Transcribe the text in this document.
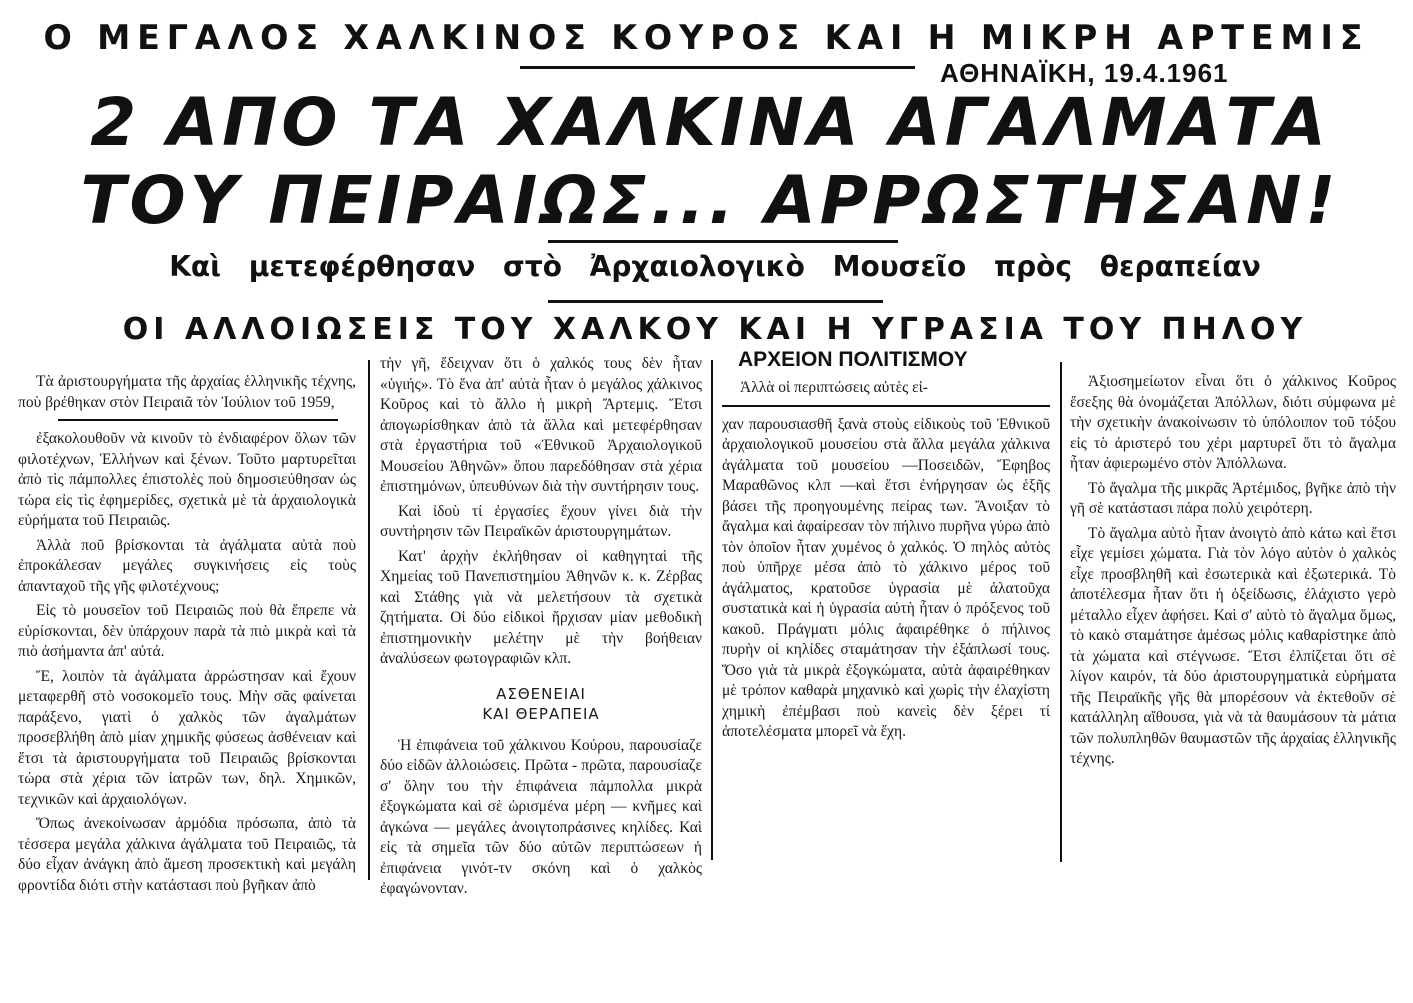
Ο ΜΕΓΑΛΟΣ ΧΑΛΚΙΝΟΣ ΚΟΥΡΟΣ ΚΑΙ Η ΜΙΚΡΗ ΑΡΤΕΜΙΣ
ΑΘΗΝΑΪΚΗ, 19.4.1961
2 ΑΠΟ ΤΑ ΧΑΛΚΙΝΑ ΑΓΑΛΜΑΤΑ
ΤΟΥ ΠΕΙΡΑΙΩΣ... ΑΡΡΩΣΤΗΣΑΝ!
Καὶ μετεφέρθησαν στὸ Ἀρχαιολογικὸ Μουσεῖο πρὸς θεραπείαν
ΟΙ ΑΛΛΟΙΩΣΕΙΣ ΤΟΥ ΧΑΛΚΟΥ ΚΑΙ Η ΥΓΡΑΣΙΑ ΤΟΥ ΠΗΛΟΥ
ΑΡΧΕΙΟΝ ΠΟΛΙΤΙΣΜΟΥ

Τὰ ἀριστουργήματα τῆς ἀρχαίας ἑλληνικῆς τέχνης, ποὺ βρέθηκαν στὸν Πειραιᾶ τὸν Ἰούλιον τοῦ 1959,

ἐξακολουθοῦν νὰ κινοῦν τὸ ἐνδιαφέρον ὅλων τῶν φιλοτέχνων, Ἑλλήνων καὶ ξένων. Τοῦτο μαρτυρεῖται ἀπὸ τὶς πάμπολλες ἐπιστολὲς ποὺ δημοσιεύθησαν ὡς τώρα εἰς τὶς ἐφημερίδες, σχετικὰ μὲ τὰ ἀρχαιολογικὰ εὑρήματα τοῦ Πειραιῶς.

Ἀλλὰ ποῦ βρίσκονται τὰ ἀγάλματα αὐτὰ ποὺ ἐπροκάλεσαν μεγάλες συγκινήσεις εἰς τοὺς ἀπανταχοῦ τῆς γῆς φιλοτέχνους;

Εἰς τὸ μουσεῖον τοῦ Πειραιῶς ποὺ θὰ ἔπρεπε νὰ εὑρίσκονται, δὲν ὑπάρχουν παρὰ τὰ πιὸ μικρὰ καὶ τὰ πιὸ ἀσήμαντα ἀπ' αὐτά.

Ἔ, λοιπὸν τὰ ἀγάλματα ἀρρώστησαν καὶ ἔχουν μεταφερθῆ στὸ νοσοκομεῖο τους. Μὴν σᾶς φαίνεται παράξενο, γιατὶ ὁ χαλκὸς τῶν ἀγαλμάτων προσεβλήθη ἀπὸ μίαν χημικῆς φύσεως ἀσθένειαν καὶ ἔτσι τὰ ἀριστουργήματα τοῦ Πειραιῶς βρίσκονται τώρα στὰ χέρια τῶν ἰατρῶν των, δηλ. Χημικῶν, τεχνικῶν καὶ ἀρχαιολόγων.

Ὅπως ἀνεκοίνωσαν ἁρμόδια πρόσωπα, ἀπὸ τὰ τέσσερα μεγάλα χάλκινα ἀγάλματα τοῦ Πειραιῶς, τὰ δύο εἶχαν ἀνάγκη ἀπὸ ἄμεση προσεκτικὴ καὶ μεγάλη φροντίδα διότι στὴν κατάστασι ποὺ βγῆκαν ἀπὸ

τὴν γῆ, ἔδειχναν ὅτι ὁ χαλκός τους δὲν ἦταν «ὑγιής». Τὸ ἕνα ἀπ' αὐτὰ ἦταν ὁ μεγάλος χάλκινος Κοῦρος καὶ τὸ ἄλλο ἡ μικρὴ Ἄρτεμις. Ἔτσι ἀπογωρίσθηκαν ἀπὸ τὰ ἄλλα καὶ μετεφέρθησαν στὰ ἐργαστήρια τοῦ «Ἐθνικοῦ Ἀρχαιολογικοῦ Μουσείου Ἀθηνῶν» ὅπου παρεδόθησαν στὰ χέρια ἐπιστημόνων, ὑπευθύνων διὰ τὴν συντήρησιν τους.

Καὶ ἰδοὺ τί ἐργασίες ἔχουν γίνει διὰ τὴν συντήρησιν τῶν Πειραϊκῶν ἀριστουργημάτων.

Κατ' ἀρχὴν ἐκλήθησαν οἱ καθηγηταὶ τῆς Χημείας τοῦ Πανεπιστημίου Ἀθηνῶν κ. κ. Ζέρβας καὶ Στάθης γιὰ νὰ μελετήσουν τὰ σχετικὰ ζητήματα. Οἱ δύο εἰδικοὶ ἤρχισαν μίαν μεθοδικὴ ἐπιστημονικὴν μελέτην μὲ τὴν βοήθειαν ἀναλύσεων φωτογραφιῶν κλπ.

ΑΣΘΕΝΕΙΑΙ
ΚΑΙ ΘΕΡΑΠΕΙΑ

Ἡ ἐπιφάνεια τοῦ χάλκινου Κούρου, παρουσίαζε δύο εἰδῶν ἀλλοιώσεις. Πρῶτα - πρῶτα, παρουσίαζε σ' ὅλην του τὴν ἐπιφάνεια πάμπολλα μικρὰ ἐξογκώματα καὶ σὲ ὡρισμένα μέρη — κνῆμες καὶ ἀγκώνα — μεγάλες ἀνοιγτοπράσινες κηλίδες. Καὶ εἰς τὰ σημεῖα τῶν δύο αὐτῶν περιπτώσεων ἡ ἐπιφάνεια γινότ-τν σκόνη καὶ ὁ χαλκὸς ἐφαγώνονταν.

Ἀλλὰ οἱ περιπτώσεις αὐτὲς εἰ-

χαν παρουσιασθῆ ξανὰ στοὺς εἰδικοὺς τοῦ Ἐθνικοῦ ἀρχαιολογικοῦ μουσείου στὰ ἄλλα μεγάλα χάλκινα ἀγάλματα τοῦ μουσείου —Ποσειδῶν, Ἔφηβος Μαραθῶνος κλπ —καὶ ἔτσι ἐνήργησαν ὡς ἑξῆς βάσει τῆς προηγουμένης πείρας των. Ἄνοιξαν τὸ ἄγαλμα καὶ ἀφαίρεσαν τὸν πήλινο πυρῆνα γύρω ἀπὸ τὸν ὁποῖον ἦταν χυμένος ὁ χαλκός. Ὁ πηλὸς αὐτὸς ποὺ ὑπῆρχε μέσα ἀπὸ τὸ χάλκινο μέρος τοῦ ἀγάλματος, κρατοῦσε ὑγρασία μὲ ἁλατοῦχα συστατικὰ καὶ ἡ ὑγρασία αὐτὴ ἦταν ὁ πρόξενος τοῦ κακοῦ. Πράγματι μόλις ἀφαιρέθηκε ὁ πήλινος πυρὴν οἱ κηλίδες σταμάτησαν τὴν ἐξάπλωσί τους. Ὅσο γιὰ τὰ μικρὰ ἐξογκώματα, αὐτὰ ἀφαιρέθηκαν μὲ τρόπον καθαρὰ μηχανικὸ καὶ χωρὶς τὴν ἐλαχίστη χημικὴ ἐπέμβασι ποὺ κανεὶς δὲν ξέρει τί ἀποτελέσματα μπορεῖ νὰ ἔχη.

Ἀξιοσημείωτον εἶναι ὅτι ὁ χάλκινος Κοῦρος ἔσεξης θὰ ὀνομάζεται Ἀπόλλων, διότι σύμφωνα μὲ τὴν σχετικὴν ἀνακοίνωσιν τὸ ὑπόλοιπον τοῦ τόξου εἰς τὸ ἀριστερό του χέρι μαρτυρεῖ ὅτι τὸ ἄγαλμα ἦταν ἀφιερωμένο στὸν Ἀπόλλωνα.

Τὸ ἄγαλμα τῆς μικρᾶς Ἀρτέμιδος, βγῆκε ἀπὸ τὴν γῆ σὲ κατάστασι πάρα πολὺ χειρότερη.

Τὸ ἄγαλμα αὐτὸ ἦταν ἀνοιγτὸ ἀπὸ κάτω καὶ ἔτσι εἶχε γεμίσει χώματα. Γιὰ τὸν λόγο αὐτὸν ὁ χαλκὸς εἶχε προσβληθῆ καὶ ἐσωτερικὰ καὶ ἐξωτερικά. Τὸ ἀποτέλεσμα ἦταν ὅτι ἡ ὀξείδωσις, ἐλάχιστο γερὸ μέταλλο εἶχεν ἀφήσει. Καὶ σ' αὐτὸ τὸ ἄγαλμα ὅμως, τὸ κακὸ σταμάτησε ἀμέσως μόλις καθαρίστηκε ἀπὸ τὰ χώματα καὶ στέγνωσε. Ἔτσι ἐλπίζεται ὅτι σὲ λίγον καιρόν, τὰ δύο ἀριστουργηματικὰ εὑρήματα τῆς Πειραϊκῆς γῆς θὰ μπορέσουν νὰ ἐκτεθοῦν σὲ κατάλληλη αἴθουσα, γιὰ νὰ τὰ θαυμάσουν τὰ μάτια τῶν πολυπληθῶν θαυμαστῶν τῆς ἀρχαίας ἑλληνικῆς τέχνης.
